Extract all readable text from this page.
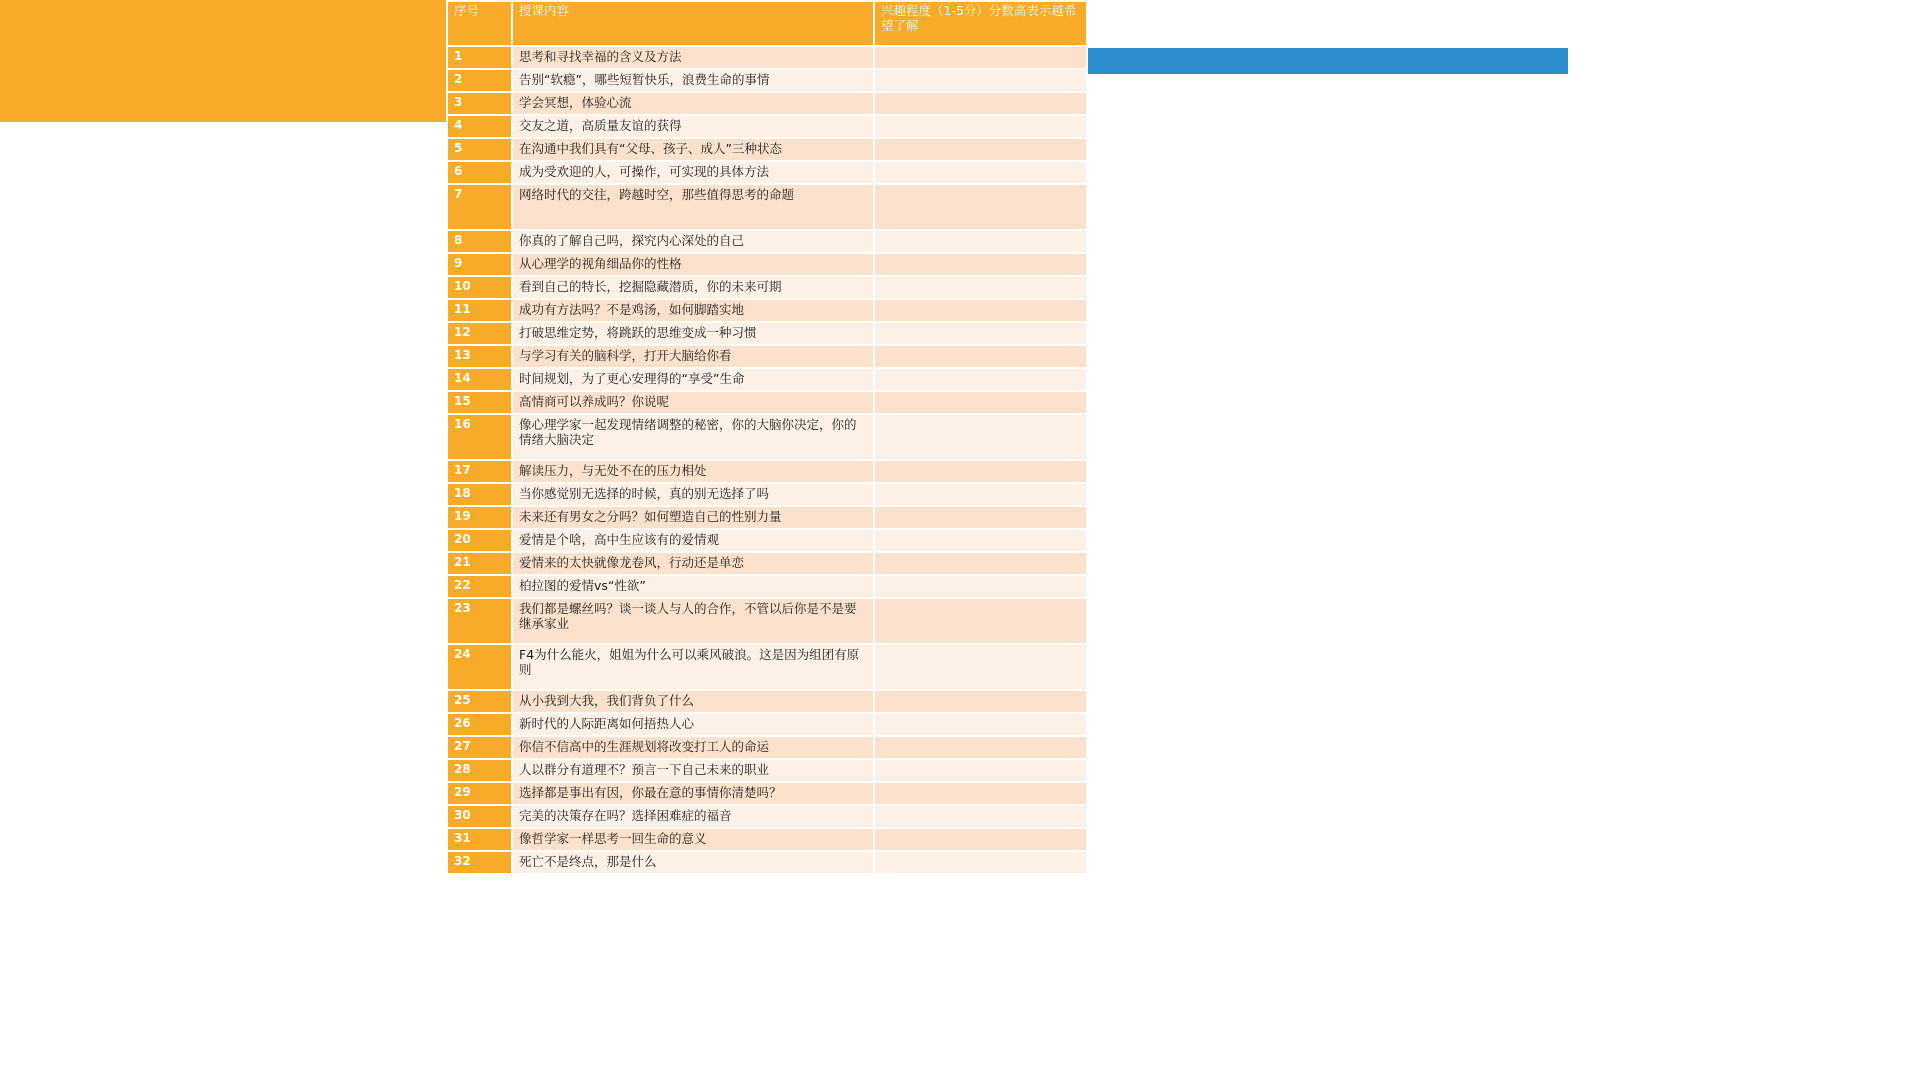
序号	授课内容	兴趣程度（1-5分）分数高表示越希望了解
1	思考和寻找幸福的含义及方法	
2	告别“软瘾”，哪些短暂快乐，浪费生命的事情	
3	学会冥想，体验心流	
4	交友之道，高质量友谊的获得	
5	在沟通中我们具有“父母、孩子、成人”三种状态	
6	成为受欢迎的人，可操作，可实现的具体方法	
7	网络时代的交往，跨越时空，那些值得思考的命题	
8	你真的了解自己吗，探究内心深处的自己	
9	从心理学的视角细品你的性格	
10	看到自己的特长，挖掘隐藏潜质，你的未来可期	
11	成功有方法吗？不是鸡汤，如何脚踏实地	
12	打破思维定势，将跳跃的思维变成一种习惯	
13	与学习有关的脑科学，打开大脑给你看	
14	时间规划，为了更心安理得的“享受”生命	
15	高情商可以养成吗？你说呢	
16	像心理学家一起发现情绪调整的秘密，你的大脑你决定，你的情绪大脑决定	
17	解读压力，与无处不在的压力相处	
18	当你感觉别无选择的时候，真的别无选择了吗	
19	未来还有男女之分吗？如何塑造自己的性别力量	
20	爱情是个啥，高中生应该有的爱情观	
21	爱情来的太快就像龙卷风，行动还是单恋	
22	柏拉图的爱情vs“性欲”	
23	我们都是螺丝吗？谈一谈人与人的合作，不管以后你是不是要继承家业	
24	F4为什么能火，姐姐为什么可以乘风破浪。这是因为组团有原则	
25	从小我到大我，我们背负了什么	
26	新时代的人际距离如何捂热人心	
27	你信不信高中的生涯规划将改变打工人的命运	
28	人以群分有道理不？预言一下自己未来的职业	
29	选择都是事出有因，你最在意的事情你清楚吗？	
30	完美的决策存在吗？选择困难症的福音	
31	像哲学家一样思考一回生命的意义	
32	死亡不是终点，那是什么	
